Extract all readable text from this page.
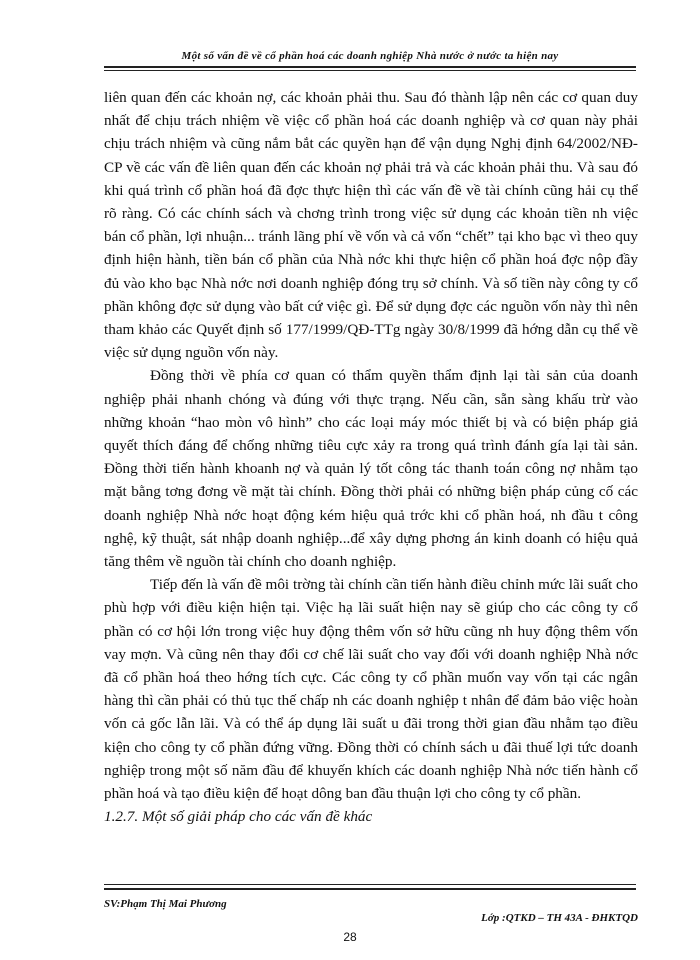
Một số vấn đề về cổ phần hoá các doanh nghiệp Nhà nước ở nước ta hiện nay

liên quan đến các khoản nợ, các khoản phải thu. Sau đó thành lập nên các cơ quan duy nhất để chịu trách nhiệm về việc cổ phần hoá các doanh nghiệp và cơ quan này phải chịu trách nhiệm và cũng nắm bắt các quyền hạn để vận dụng Nghị định 64/2002/NĐ-CP về các vấn đề liên quan đến các khoản nợ phải trả và các khoản phải thu. Và sau đó khi quá trình cổ phần hoá đã đợc thực hiện thì các vấn đề về tài chính cũng hải cụ thể rõ ràng. Có các chính sách và chơng trình trong việc sử dụng các khoản tiền nh việc bán cổ phần, lợi nhuận... tránh lãng phí về vốn và cả vốn “chết” tại kho bạc vì theo quy định hiện hành, tiền bán cổ phần của Nhà nớc khi thực hiện cổ phần hoá đợc nộp đầy đủ vào kho bạc Nhà nớc nơi doanh nghiệp đóng trụ sở chính. Và số tiền này công ty cổ phần không đợc sử dụng vào bất cứ việc gì. Để sử dụng đợc các nguồn vốn này thì nên tham khảo các Quyết định số 177/1999/QĐ-TTg ngày 30/8/1999 đã hớng dẫn cụ thể về việc sử dụng nguồn vốn này.

Đồng thời về phía cơ quan có thẩm quyền thẩm định lại tài sản của doanh nghiệp phải nhanh chóng và đúng với thực trạng. Nếu cần, sẵn sàng khấu trừ vào những khoản “hao mòn vô hình” cho các loại máy móc thiết bị và có biện pháp giả quyết thích đáng để chống những tiêu cực xảy ra trong quá trình đánh gía lại tài sản. Đồng thời tiến hành khoanh nợ và quản lý tốt công tác thanh toán công nợ nhằm tạo mặt bằng tơng đơng về mặt tài chính. Đồng thời phải có những biện pháp củng cố các doanh nghiệp Nhà nớc hoạt động kém hiệu quả trớc khi cổ phần hoá, nh đầu t công nghệ, kỹ thuật, sát nhập doanh nghiệp...để xây dựng phơng án kinh doanh có hiệu quả tăng thêm về nguồn tài chính cho doanh nghiệp.

Tiếp đến là vấn đề môi trờng tài chính cần tiến hành điều chỉnh mức lãi suất cho phù hợp với điều kiện hiện tại. Việc hạ lãi suất hiện nay sẽ giúp cho các công ty cổ phần có cơ hội lớn trong việc huy động thêm vốn sở hữu cũng nh huy động thêm vốn vay mợn. Và cũng nên thay đổi cơ chế lãi suất cho vay đối với doanh nghiệp Nhà nớc đã cổ phần hoá theo hớng tích cực. Các công ty cổ phần muốn vay vốn tại các ngân hàng thì cần phải có thủ tục thế chấp nh các doanh nghiệp t nhân để đảm bảo việc hoàn vốn cả gốc lẫn lãi. Và có thể áp dụng lãi suất u đãi trong thời gian đầu nhằm tạo điều kiện cho công ty cổ phần đứng vững. Đồng thời có chính sách u đãi thuế lợi tức doanh nghiệp trong một số năm đầu để khuyến khích các doanh nghiệp Nhà nớc tiến hành cổ phần hoá và tạo điều kiện để hoạt dông ban đầu thuận lợi cho công ty cổ phần.

1.2.7. Một số giải pháp cho các vấn đề khác

SV:Phạm Thị Mai Phương
Lớp :QTKD – TH 43A - ĐHKTQD
28
